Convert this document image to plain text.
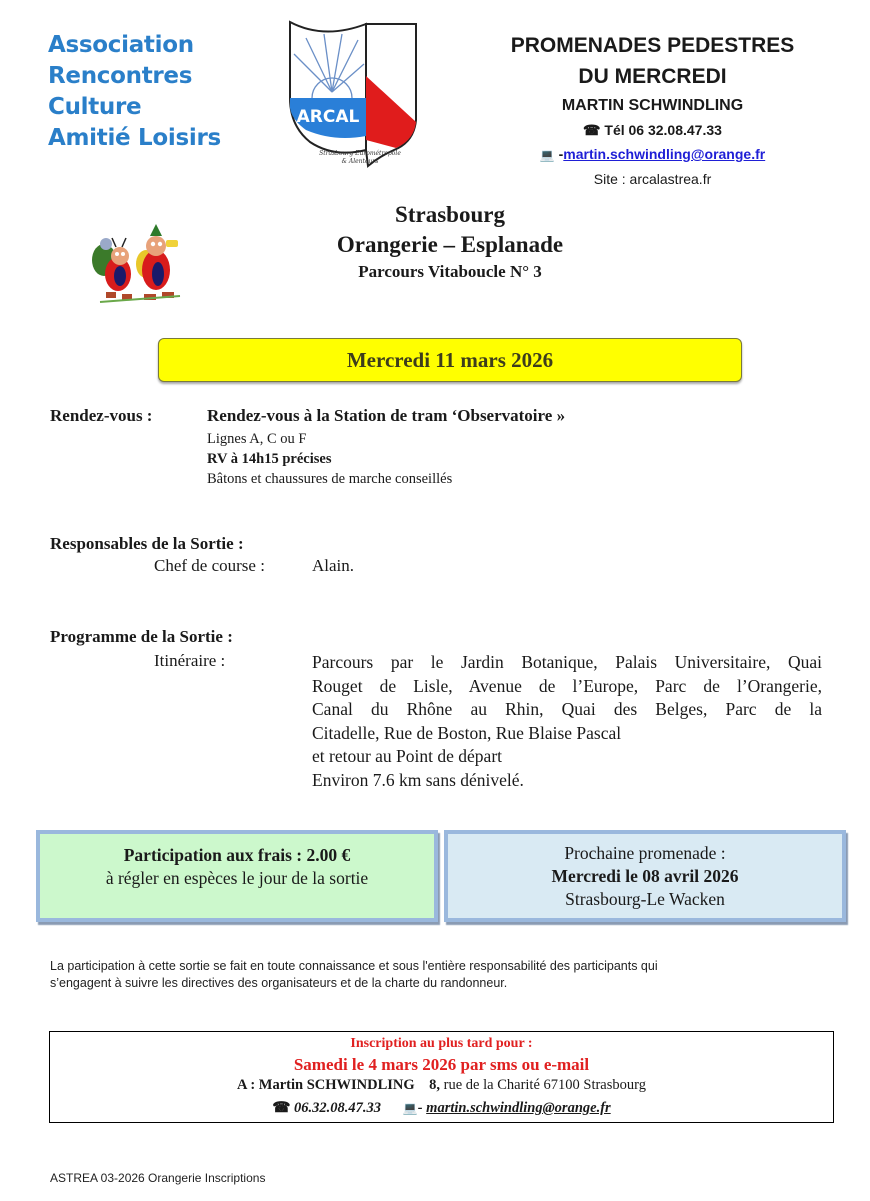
Association
Rencontres
Culture
Amitié Loisirs
ARCAL
Strasbourg Eurométropole
& Alentours
PROMENADES PEDESTRES
DU MERCREDI
MARTIN SCHWINDLING
☎ Tél 06 32.08.47.33
💻 -martin.schwindling@orange.fr
Site : arcalastrea.fr
Strasbourg
Orangerie – Esplanade
Parcours Vitaboucle N° 3
Mercredi 11 mars 2026
Rendez-vous :	Rendez-vous à la Station de tram ‘Observatoire »
Lignes A, C ou F
RV à 14h15 précises
Bâtons et chaussures de marche conseillés
Responsables de la Sortie :
Chef de course :	Alain.
Programme de la Sortie :
Itinéraire :	Parcours par le Jardin Botanique, Palais Universitaire, Quai
Rouget de Lisle, Avenue de l’Europe, Parc de l’Orangerie,
Canal du Rhône au Rhin, Quai des Belges, Parc de la
Citadelle, Rue de Boston, Rue Blaise Pascal
et retour au Point de départ
Environ 7.6 km sans dénivelé.
Participation aux frais : 2.00 €
à régler en espèces le jour de la sortie
Prochaine promenade :
Mercredi le 08 avril 2026
Strasbourg-Le Wacken
La participation à cette sortie se fait en toute connaissance et sous l'entière responsabilité des participants qui
s’engagent à suivre les directives des organisateurs et de la charte du randonneur.
Inscription au plus tard pour :
Samedi le 4 mars 2026 par sms ou e-mail
A : Martin SCHWINDLING 8, rue de la Charité 67100 Strasbourg
☎ 06.32.08.47.33 💻- martin.schwindling@orange.fr
ASTREA 03-2026 Orangerie Inscriptions
